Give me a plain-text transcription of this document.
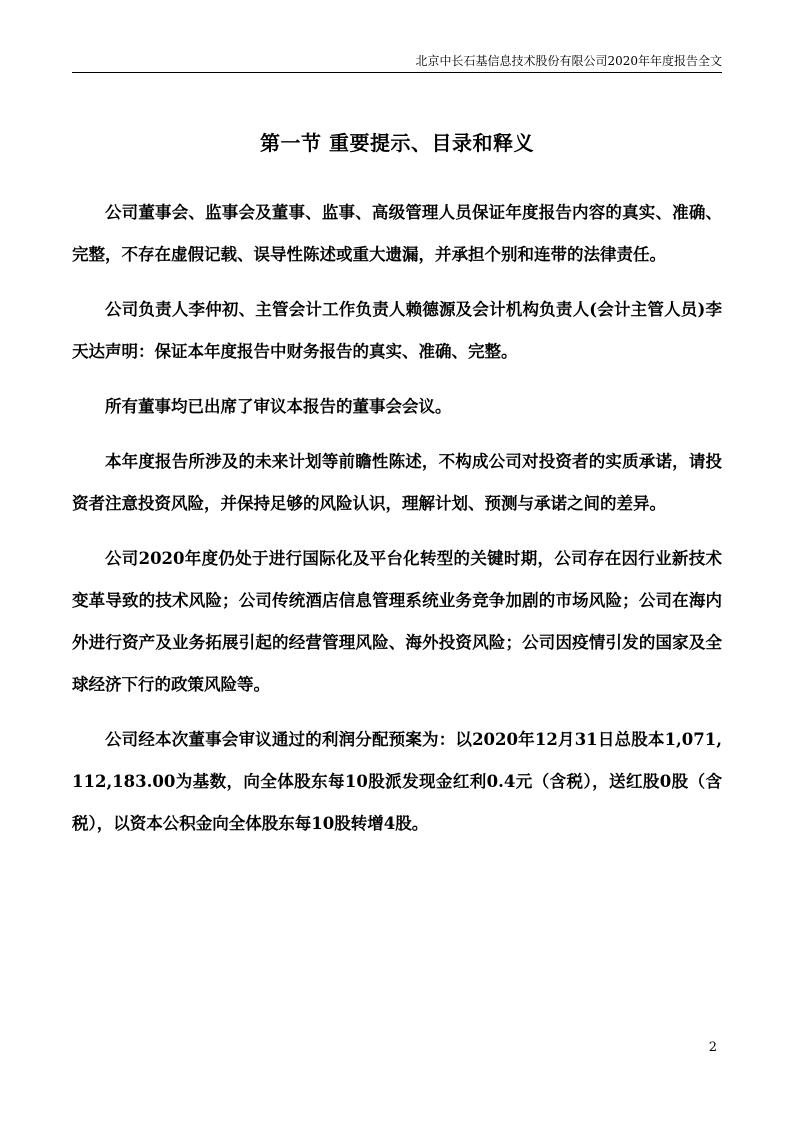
北京中长石基信息技术股份有限公司2020年年度报告全文
第一节 重要提示、目录和释义

公司董事会、监事会及董事、监事、高级管理人员保证年度报告内容的真实、准确、完整，不存在虚假记载、误导性陈述或重大遗漏，并承担个别和连带的法律责任。

公司负责人李仲初、主管会计工作负责人赖德源及会计机构负责人(会计主管人员)李天达声明：保证本年度报告中财务报告的真实、准确、完整。

所有董事均已出席了审议本报告的董事会会议。

本年度报告所涉及的未来计划等前瞻性陈述，不构成公司对投资者的实质承诺，请投资者注意投资风险，并保持足够的风险认识，理解计划、预测与承诺之间的差异。

公司2020年度仍处于进行国际化及平台化转型的关键时期，公司存在因行业新技术变革导致的技术风险；公司传统酒店信息管理系统业务竞争加剧的市场风险；公司在海内外进行资产及业务拓展引起的经营管理风险、海外投资风险；公司因疫情引发的国家及全球经济下行的政策风险等。

公司经本次董事会审议通过的利润分配预案为：以2020年12月31日总股本1,071,112,183.00为基数，向全体股东每10股派发现金红利0.4元（含税），送红股0股（含税），以资本公积金向全体股东每10股转增4股。

2
